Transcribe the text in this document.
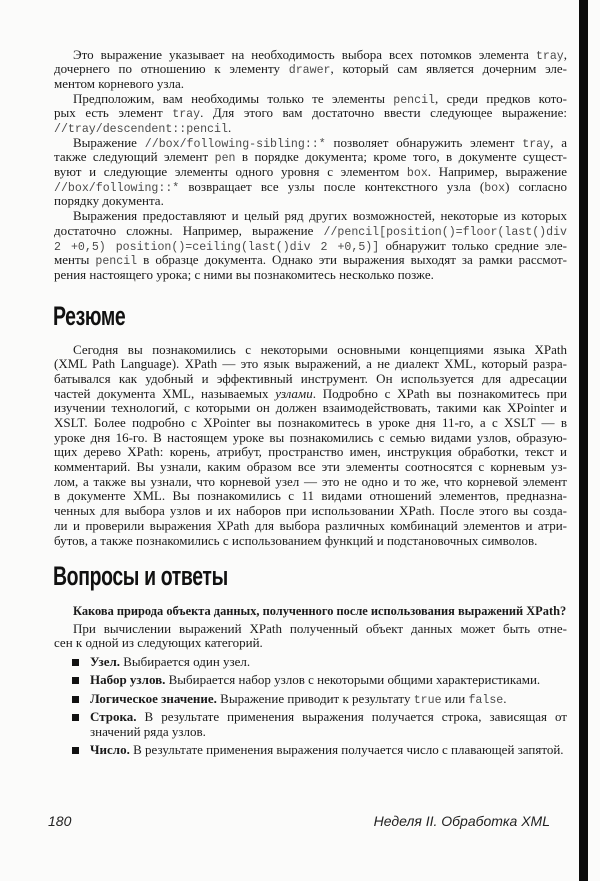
Это выражение указывает на необходимость выбора всех потомков элемента tray,
дочернего по отношению к элементу drawer, который сам является дочерним эле-
ментом корневого узла.
Предположим, вам необходимы только те элементы pencil, среди предков кото-
рых есть элемент tray. Для этого вам достаточно ввести следующее выражение:
//tray/descendent::pencil.
Выражение //box/following-sibling::* позволяет обнаружить элемент tray, а
также следующий элемент pen в порядке документа; кроме того, в документе сущест-
вуют и следующие элементы одного уровня с элементом box. Например, выражение
//box/following::* возвращает все узлы после контекстного узла (box) согласно
порядку документа.
Выражения предоставляют и целый ряд других возможностей, некоторые из которых
достаточно сложны. Например, выражение //pencil[position()=floor(last()div
2 +0,5) position()=ceiling(last()div 2 +0,5)] обнаружит только средние эле-
менты pencil в образце документа. Однако эти выражения выходят за рамки рассмот-
рения настоящего урока; с ними вы познакомитесь несколько позже.
Резюме
Сегодня вы познакомились с некоторыми основными концепциями языка XPath
(XML Path Language). XPath — это язык выражений, а не диалект XML, который разра-
батывался как удобный и эффективный инструмент. Он используется для адресации
частей документа XML, называемых узлами. Подробно с XPath вы познакомитесь при
изучении технологий, с которыми он должен взаимодействовать, такими как XPointer и
XSLT. Более подробно с XPointer вы познакомитесь в уроке дня 11-го, а с XSLT — в
уроке дня 16-го. В настоящем уроке вы познакомились с семью видами узлов, образую-
щих дерево XPath: корень, атрибут, пространство имен, инструкция обработки, текст и
комментарий. Вы узнали, каким образом все эти элементы соотносятся с корневым уз-
лом, а также вы узнали, что корневой узел — это не одно и то же, что корневой элемент
в документе XML. Вы познакомились с 11 видами отношений элементов, предназна-
ченных для выбора узлов и их наборов при использовании XPath. После этого вы созда-
ли и проверили выражения XPath для выбора различных комбинаций элементов и атри-
бутов, а также познакомились с использованием функций и подстановочных символов.
Вопросы и ответы
Какова природа объекта данных, полученного после использования выражений XPath?
При вычислении выражений XPath полученный объект данных может быть отне-
сен к одной из следующих категорий.
Узел. Выбирается один узел.
Набор узлов. Выбирается набор узлов с некоторыми общими характеристиками.
Логическое значение. Выражение приводит к результату true или false.
Строка. В результате применения выражения получается строка, зависящая от
значений ряда узлов.
Число. В результате применения выражения получается число с плавающей запятой.
180	Неделя II. Обработка XML
